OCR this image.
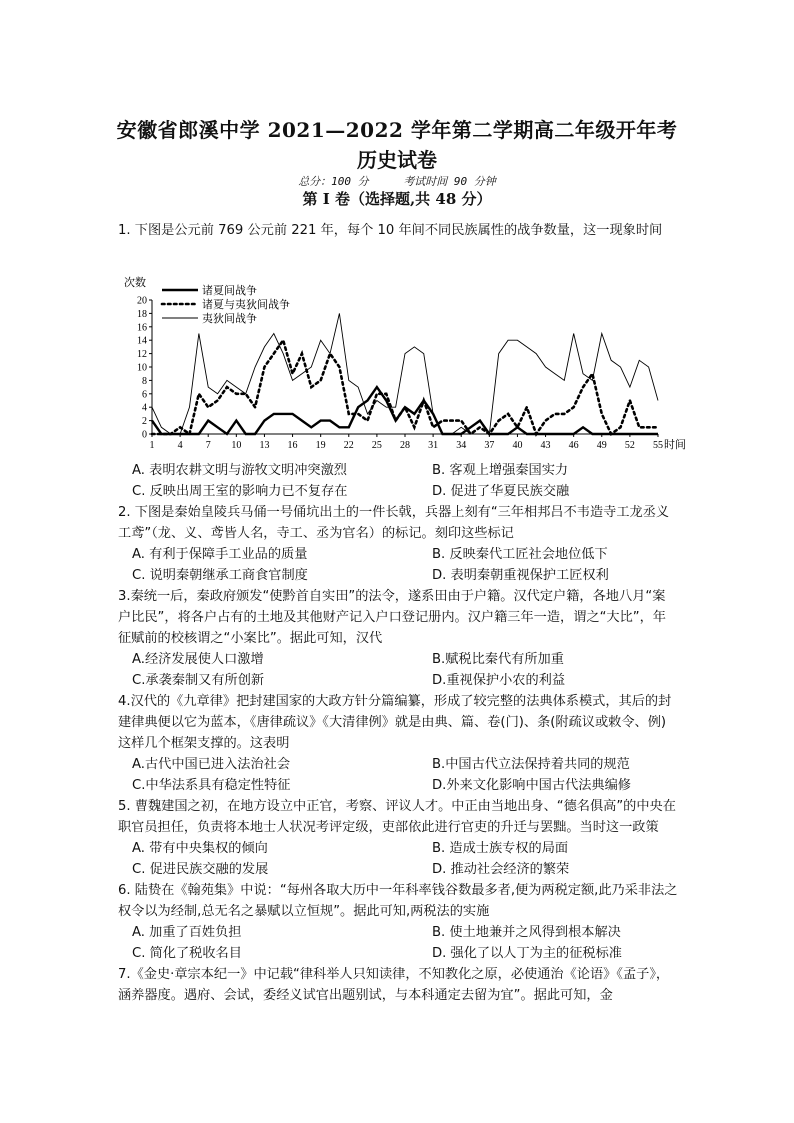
安徽省郎溪中学 2021—2022 学年第二学期高二年级开年考
历史试卷
总分：100 分	考试时间 90 分钟
第 I 卷（选择题,共 48 分）

1. 下图是公元前 769 公元前 221 年，每个 10 年间不同民族属性的战争数量，这一现象时间

0
2
4
6
8
10
12
14
16
18
20
1 4 7 10 13 16 19 22 25 28 31 34 37 40 43 46 49 52 55
次数
时间
诸夏间战争
诸夏与夷狄间战争
夷狄间战争
A. 表明农耕文明与游牧文明冲突激烈	B. 客观上增强秦国实力
C. 反映出周王室的影响力已不复存在	D. 促进了华夏民族交融

2. 下图是秦始皇陵兵马俑一号俑坑出土的一件长戟，兵器上刻有“三年相邦吕不韦造寺工龙丞义工鸢”（龙、义、鸢皆人名，寺工、丞为官名）的标记。刻印这些标记

A. 有利于保障手工业品的质量	B. 反映秦代工匠社会地位低下
C. 说明秦朝继承工商食官制度	D. 表明秦朝重视保护工匠权利

3.秦统一后，秦政府颁发“使黔首自实田”的法令，遂系田由于户籍。汉代定户籍，各地八月“案户比民”，将各户占有的土地及其他财产记入户口登记册内。汉户籍三年一造，谓之“大比”，年征赋前的校核谓之“小案比”。据此可知，汉代

A.经济发展使人口激增	B.赋税比秦代有所加重
C.承袭秦制又有所创新	D.重视保护小农的利益

4.汉代的《九章律》把封建国家的大政方针分篇编纂，形成了较完整的法典体系模式，其后的封建律典便以它为蓝本，《唐律疏议》《大清律例》就是由典、篇、卷(门)、条(附疏议或敕令、例)这样几个框架支撑的。这表明

A.古代中国已进入法治社会	B.中国古代立法保持着共同的规范
C.中华法系具有稳定性特征	D.外来文化影响中国古代法典编修

5. 曹魏建国之初，在地方设立中正官，考察、评议人才。中正由当地出身、“德名俱高”的中央在职官员担任，负责将本地士人状况考评定级，吏部依此进行官吏的升迁与罢黜。当时这一政策

A. 带有中央集权的倾向	B. 造成士族专权的局面
C. 促进民族交融的发展	D. 推动社会经济的繁荣

6. 陆贽在《翰苑集》中说：“每州各取大历中一年科率钱谷数最多者,便为两税定额,此乃采非法之权令以为经制,总无名之暴赋以立恒规”。据此可知,两税法的实施

A. 加重了百姓负担	B. 使土地兼并之风得到根本解决
C. 简化了税收名目	D. 强化了以人丁为主的征税标准

7.《金史·章宗本纪一》中记载“律科举人只知读律，不知教化之原，必使通治《论语》《孟子》，涵养器度。遇府、会试，委经义试官出题别试，与本科通定去留为宜”。据此可知，金
